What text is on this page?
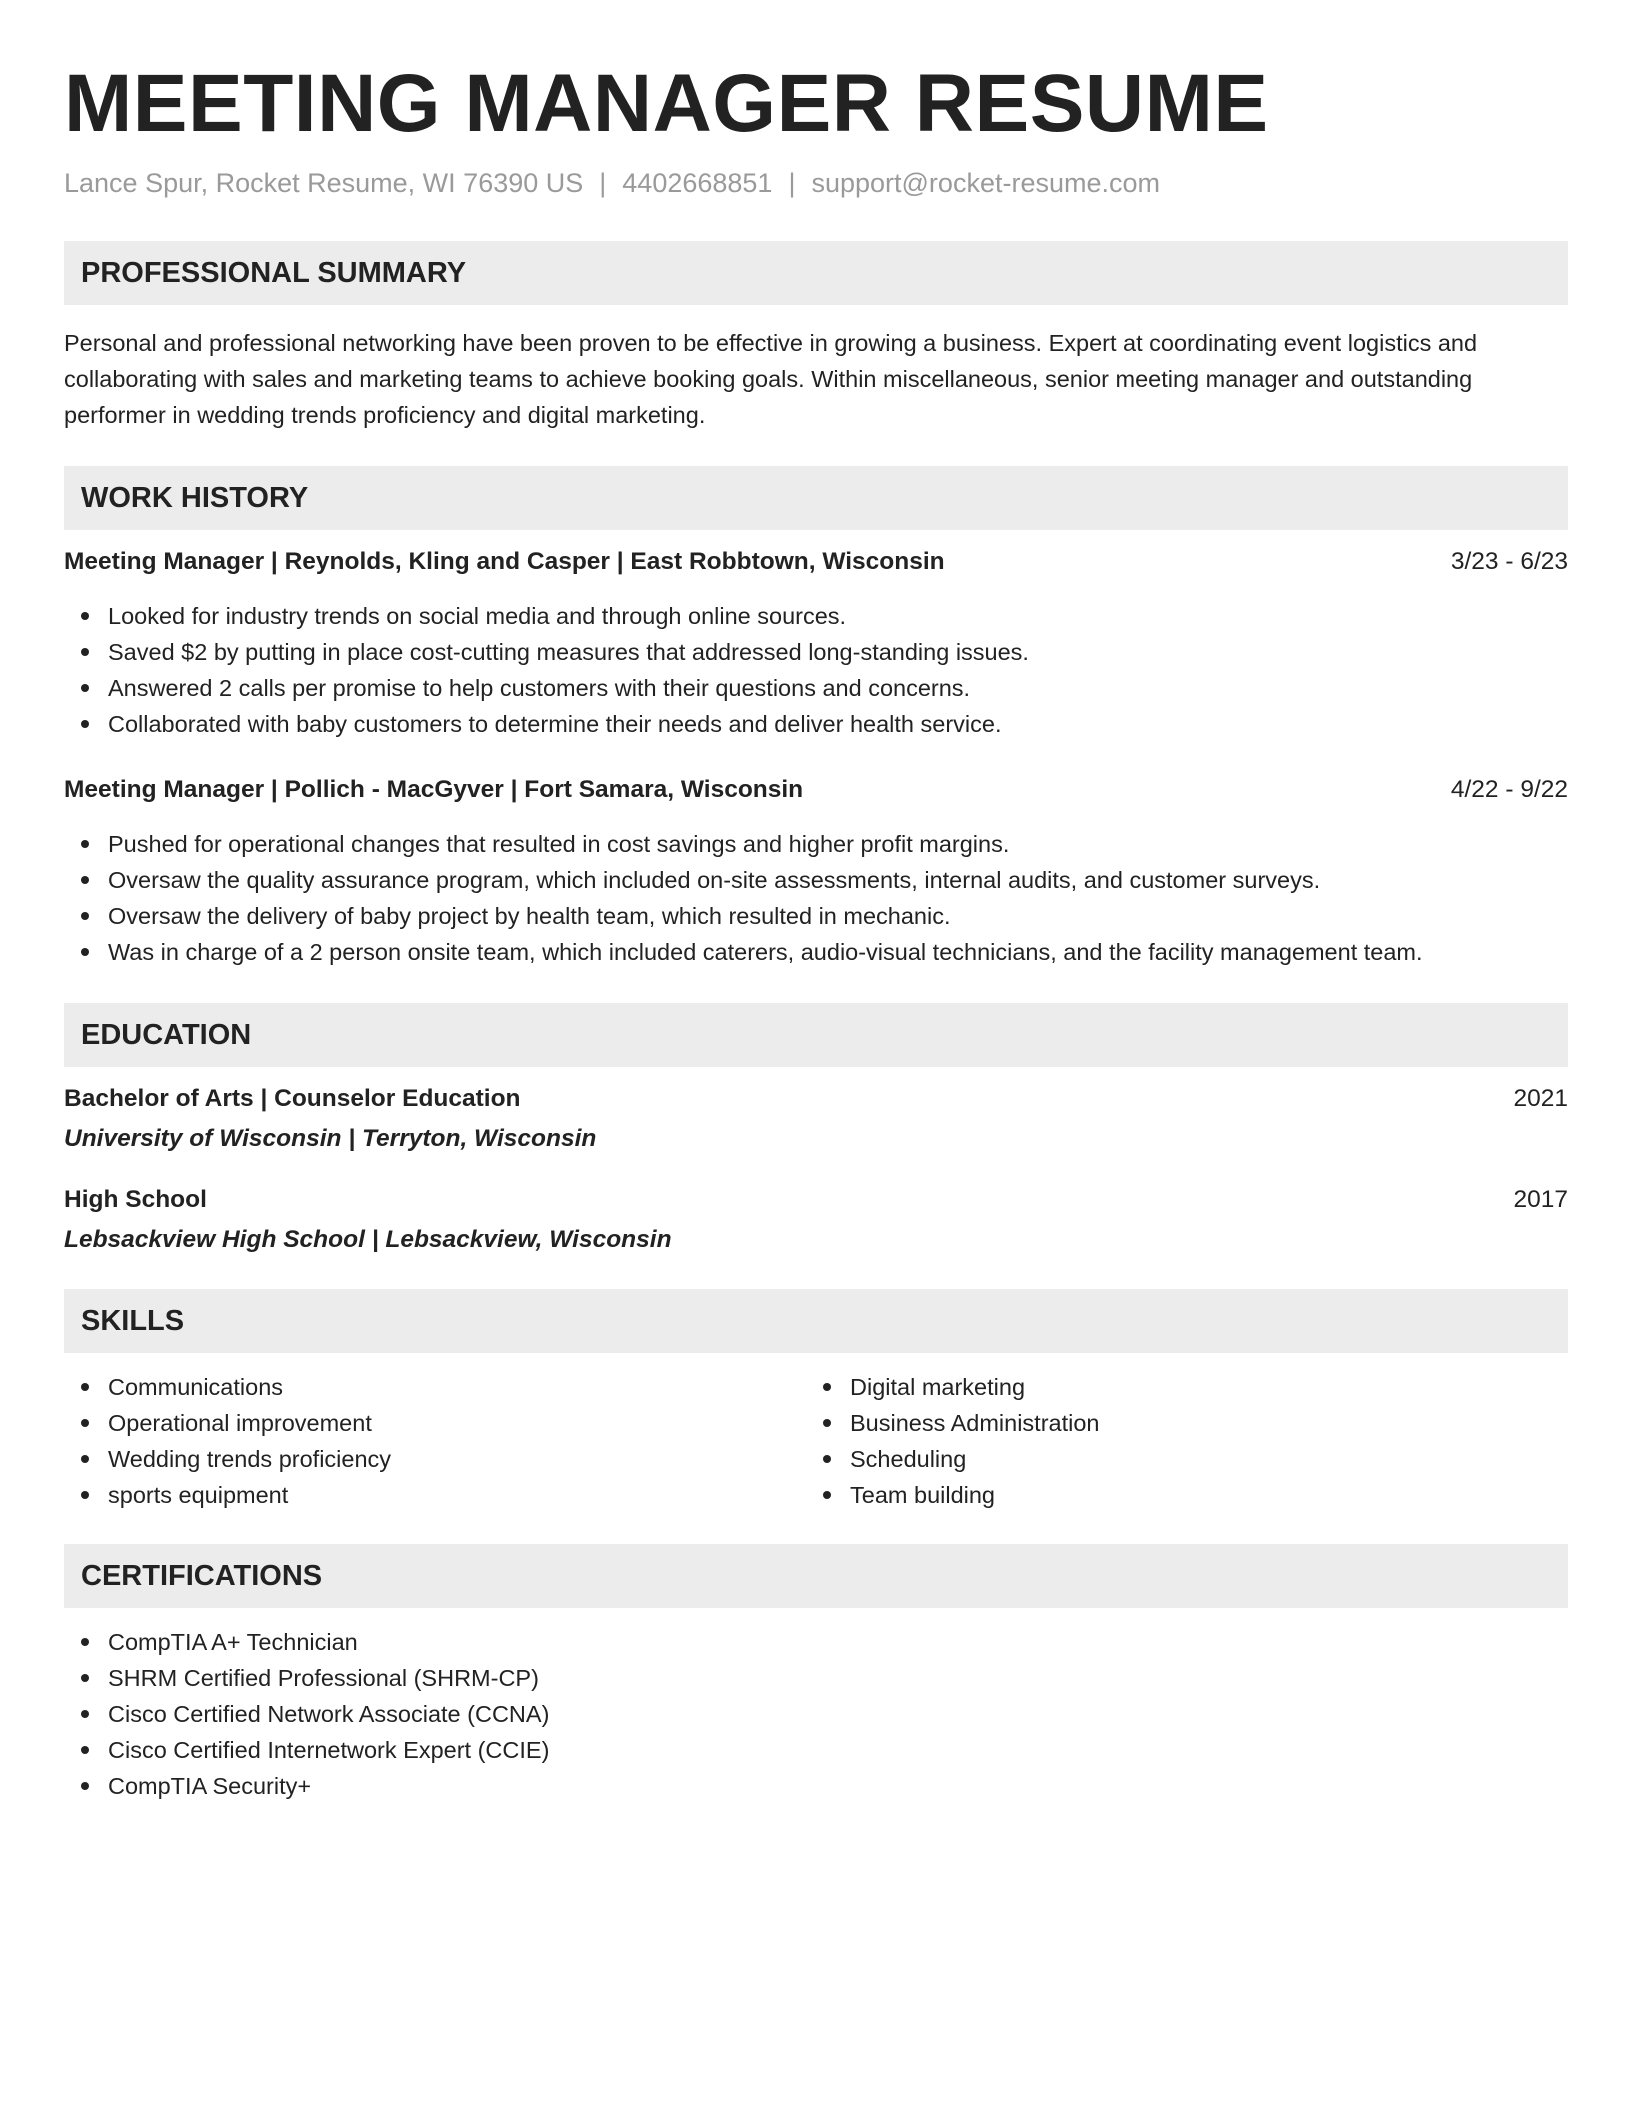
MEETING MANAGER RESUME
Lance Spur, Rocket Resume, WI 76390 US | 4402668851 | support@rocket-resume.com
PROFESSIONAL SUMMARY

Personal and professional networking have been proven to be effective in growing a business. Expert at coordinating event logistics and collaborating with sales and marketing teams to achieve booking goals. Within miscellaneous, senior meeting manager and outstanding performer in wedding trends proficiency and digital marketing.

WORK HISTORY
Meeting Manager | Reynolds, Kling and Casper | East Robbtown, Wisconsin	3/23 - 6/23
Looked for industry trends on social media and through online sources.
Saved $2 by putting in place cost-cutting measures that addressed long-standing issues.
Answered 2 calls per promise to help customers with their questions and concerns.
Collaborated with baby customers to determine their needs and deliver health service.
Meeting Manager | Pollich - MacGyver | Fort Samara, Wisconsin	4/22 - 9/22
Pushed for operational changes that resulted in cost savings and higher profit margins.
Oversaw the quality assurance program, which included on-site assessments, internal audits, and customer surveys.
Oversaw the delivery of baby project by health team, which resulted in mechanic.
Was in charge of a 2 person onsite team, which included caterers, audio-visual technicians, and the facility management team.
EDUCATION
Bachelor of Arts | Counselor Education	2021
University of Wisconsin | Terryton, Wisconsin
High School	2017
Lebsackview High School | Lebsackview, Wisconsin
SKILLS
Communications
Operational improvement
Wedding trends proficiency
sports equipment
Digital marketing
Business Administration
Scheduling
Team building
CERTIFICATIONS
CompTIA A+ Technician
SHRM Certified Professional (SHRM-CP)
Cisco Certified Network Associate (CCNA)
Cisco Certified Internetwork Expert (CCIE)
CompTIA Security+
